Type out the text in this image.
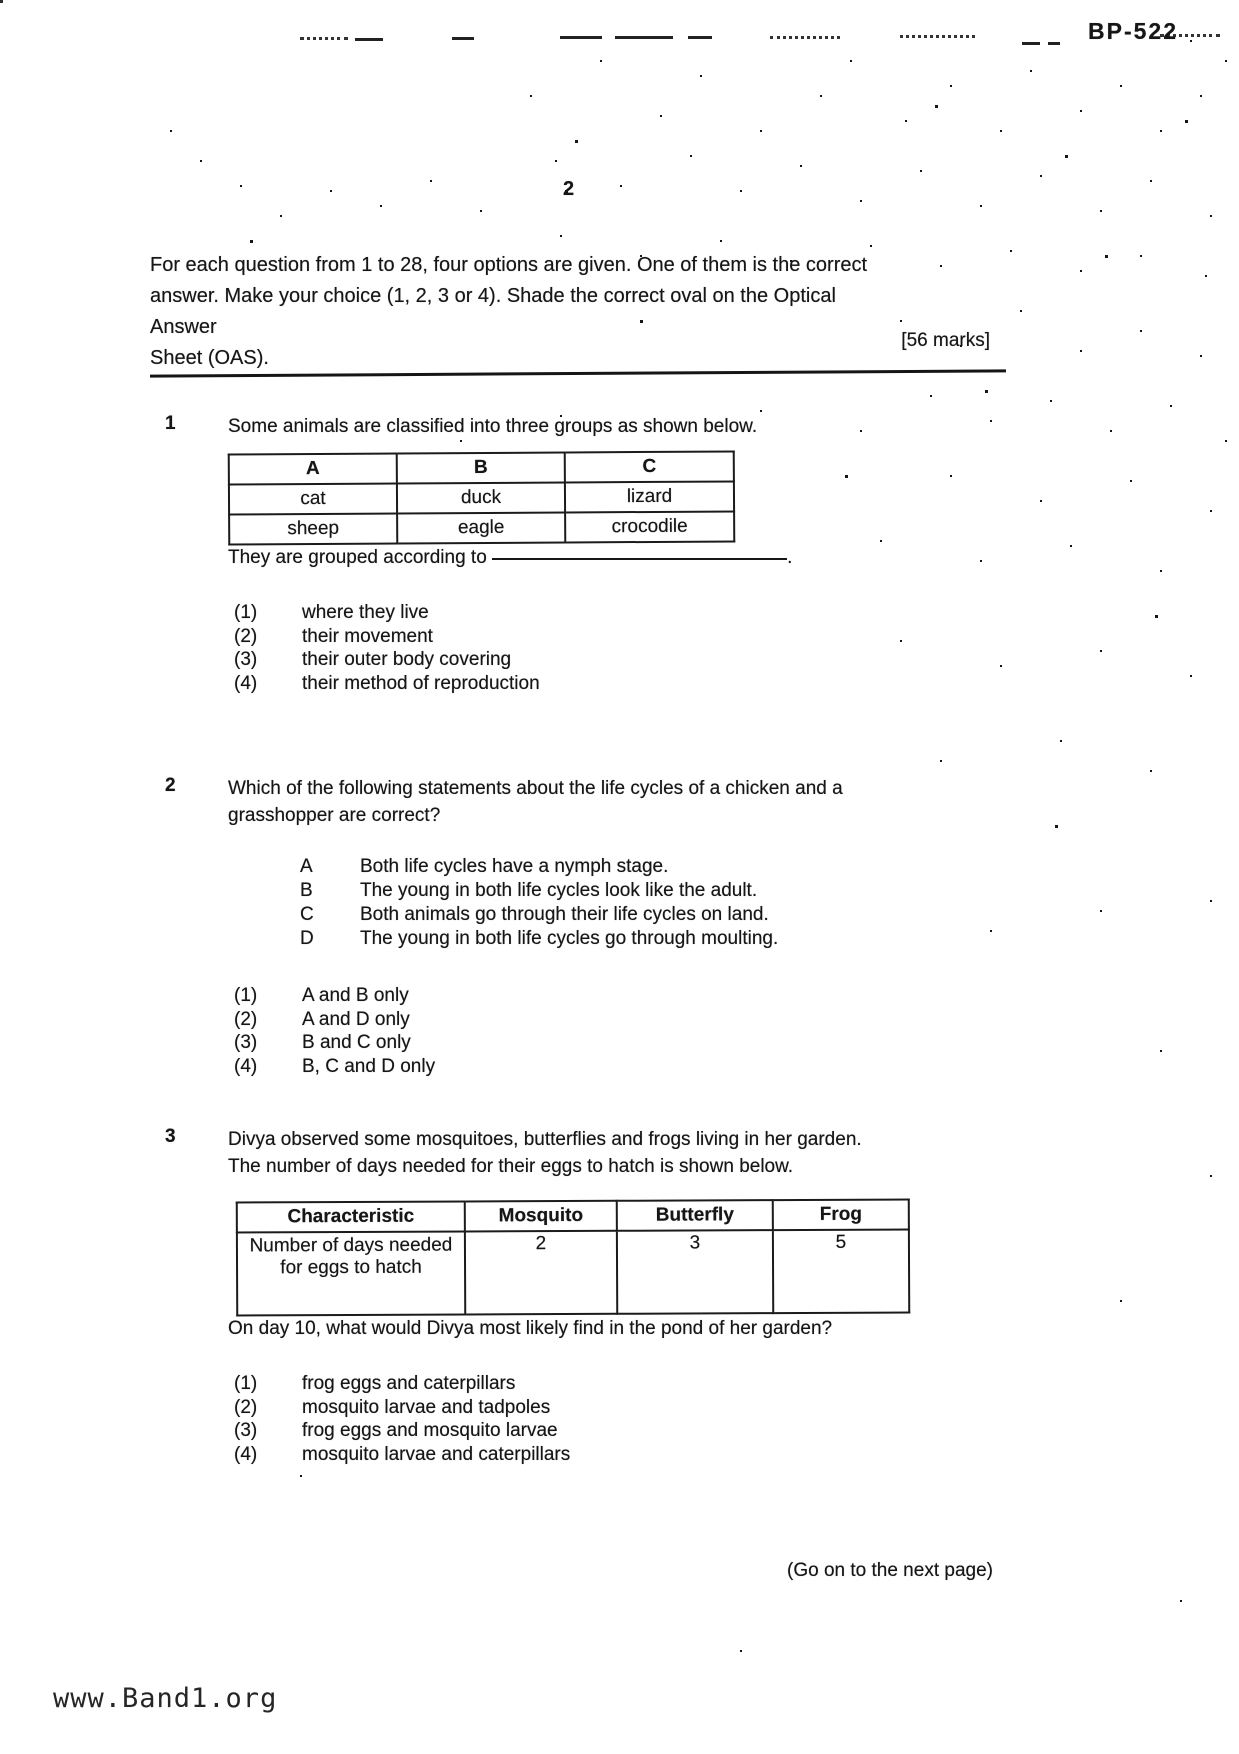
BP-522
2
For each question from 1 to 28, four options are given. One of them is the correct
answer. Make your choice (1, 2, 3 or 4). Shade the correct oval on the Optical Answer
Sheet (OAS).
[56 marks]
1	Some animals are classified into three groups as shown below.

A	B	C
cat	duck	lizard
sheep	eagle	crocodile

They are grouped according to	.

(1)	where they live
(2)	their movement
(3)	their outer body covering
(4)	their method of reproduction
2	Which of the following statements about the life cycles of a chicken and a
grasshopper are correct?

A	Both life cycles have a nymph stage.
B	The young in both life cycles look like the adult.
C	Both animals go through their life cycles on land.
D	The young in both life cycles go through moulting.
(1)	A and B only
(2)	A and D only
(3)	B and C only
(4)	B, C and D only
3	Divya observed some mosquitoes, butterflies and frogs living in her garden.
The number of days needed for their eggs to hatch is shown below.

Characteristic	Mosquito	Butterfly	Frog
Number of days needed for eggs to hatch	2	3	5

On day 10, what would Divya most likely find in the pond of her garden?

(1)	frog eggs and caterpillars
(2)	mosquito larvae and tadpoles
(3)	frog eggs and mosquito larvae
(4)	mosquito larvae and caterpillars
(Go on to the next page)
www.Band1.org
